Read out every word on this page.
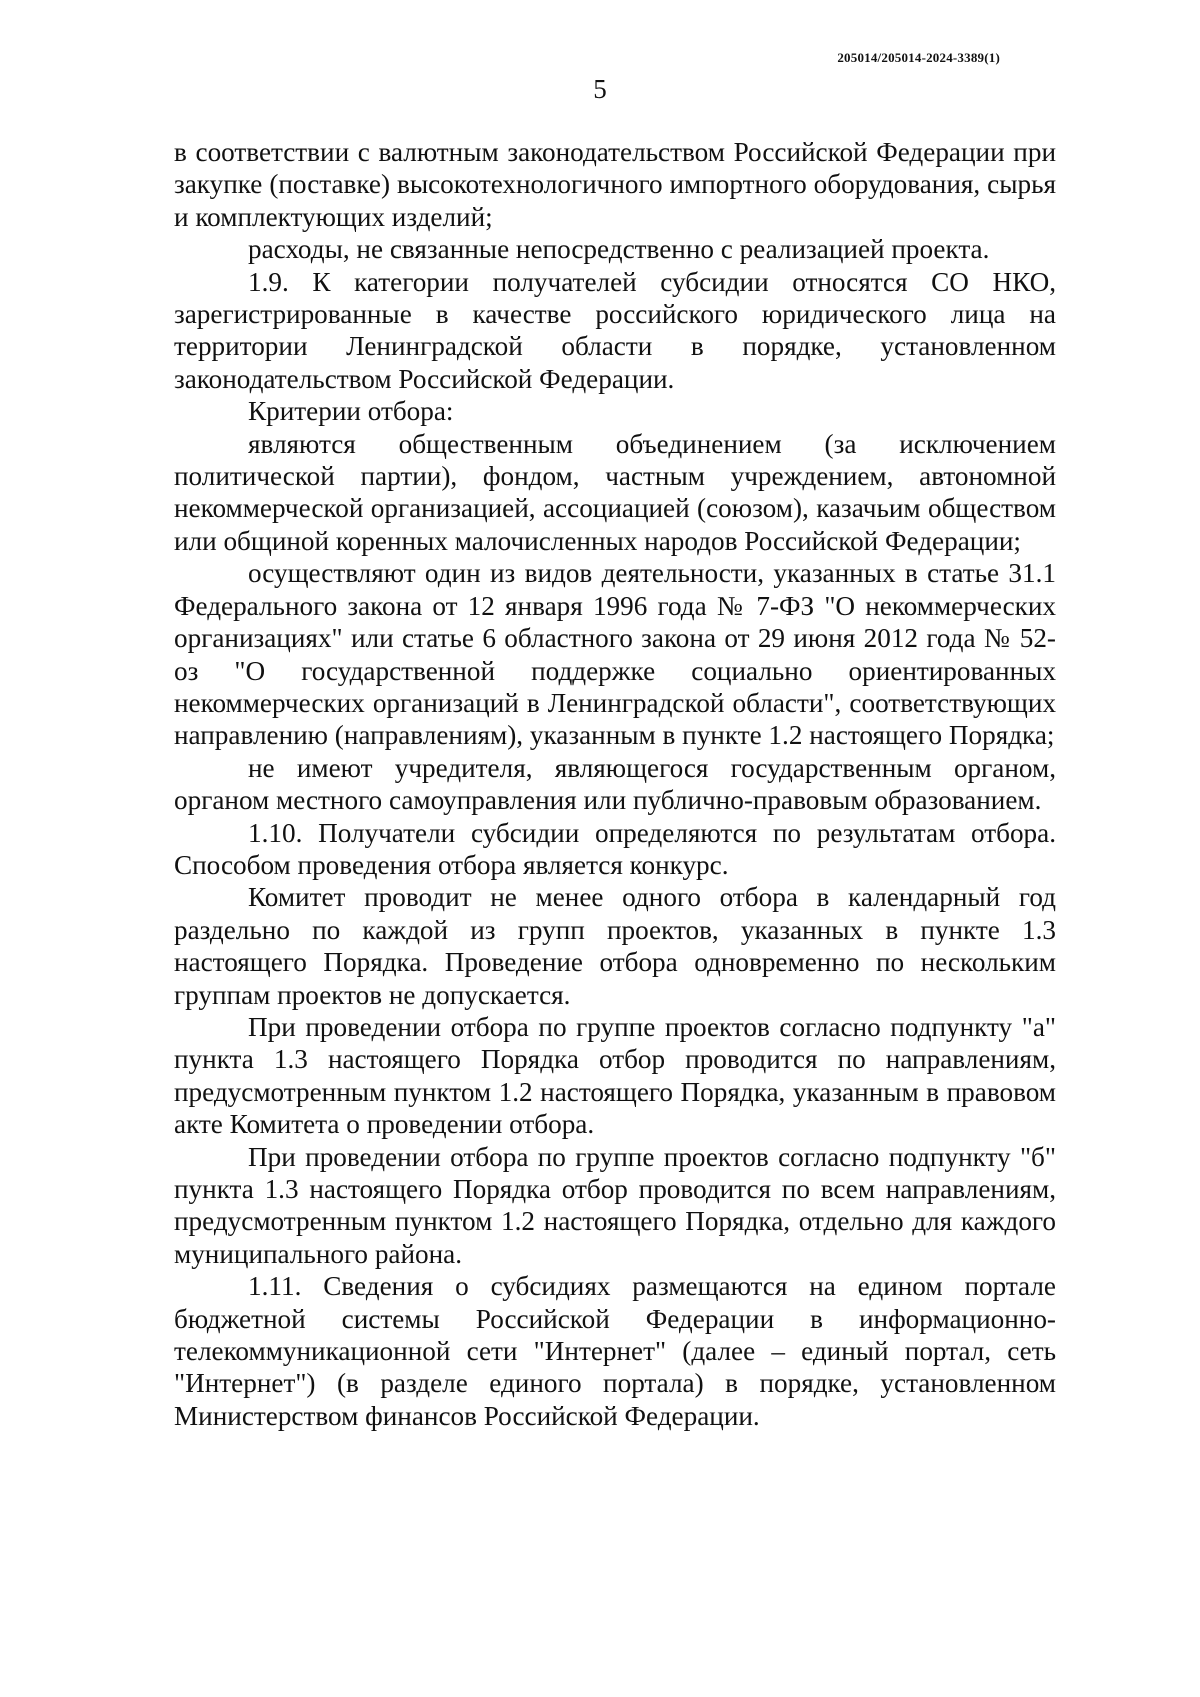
205014/205014-2024-3389(1)
5

в соответствии с валютным законодательством Российской Федерации при закупке (поставке) высокотехнологичного импортного оборудования, сырья и комплектующих изделий;

расходы, не связанные непосредственно с реализацией проекта.

1.9. К категории получателей субсидии относятся СО НКО, зарегистрированные в качестве российского юридического лица на территории Ленинградской области в порядке, установленном законодательством Российской Федерации.

Критерии отбора:

являются общественным объединением (за исключением политической партии), фондом, частным учреждением, автономной некоммерческой организацией, ассоциацией (союзом), казачьим обществом или общиной коренных малочисленных народов Российской Федерации;

осуществляют один из видов деятельности, указанных в статье 31.1 Федерального закона от 12 января 1996 года № 7-ФЗ "О некоммерческих организациях" или статье 6 областного закона от 29 июня 2012 года № 52-оз "О государственной поддержке социально ориентированных некоммерческих организаций в Ленинградской области", соответствующих направлению (направлениям), указанным в пункте 1.2 настоящего Порядка;

не имеют учредителя, являющегося государственным органом, органом местного самоуправления или публично-правовым образованием.

1.10. Получатели субсидии определяются по результатам отбора. Способом проведения отбора является конкурс.

Комитет проводит не менее одного отбора в календарный год раздельно по каждой из групп проектов, указанных в пункте 1.3 настоящего Порядка. Проведение отбора одновременно по нескольким группам проектов не допускается.

При проведении отбора по группе проектов согласно подпункту "а" пункта 1.3 настоящего Порядка отбор проводится по направлениям, предусмотренным пунктом 1.2 настоящего Порядка, указанным в правовом акте Комитета о проведении отбора.

При проведении отбора по группе проектов согласно подпункту "б" пункта 1.3 настоящего Порядка отбор проводится по всем направлениям, предусмотренным пунктом 1.2 настоящего Порядка, отдельно для каждого муниципального района.

1.11. Сведения о субсидиях размещаются на едином портале бюджетной системы Российской Федерации в информационно-телекоммуникационной сети "Интернет" (далее – единый портал, сеть "Интернет") (в разделе единого портала) в порядке, установленном Министерством финансов Российской Федерации.
